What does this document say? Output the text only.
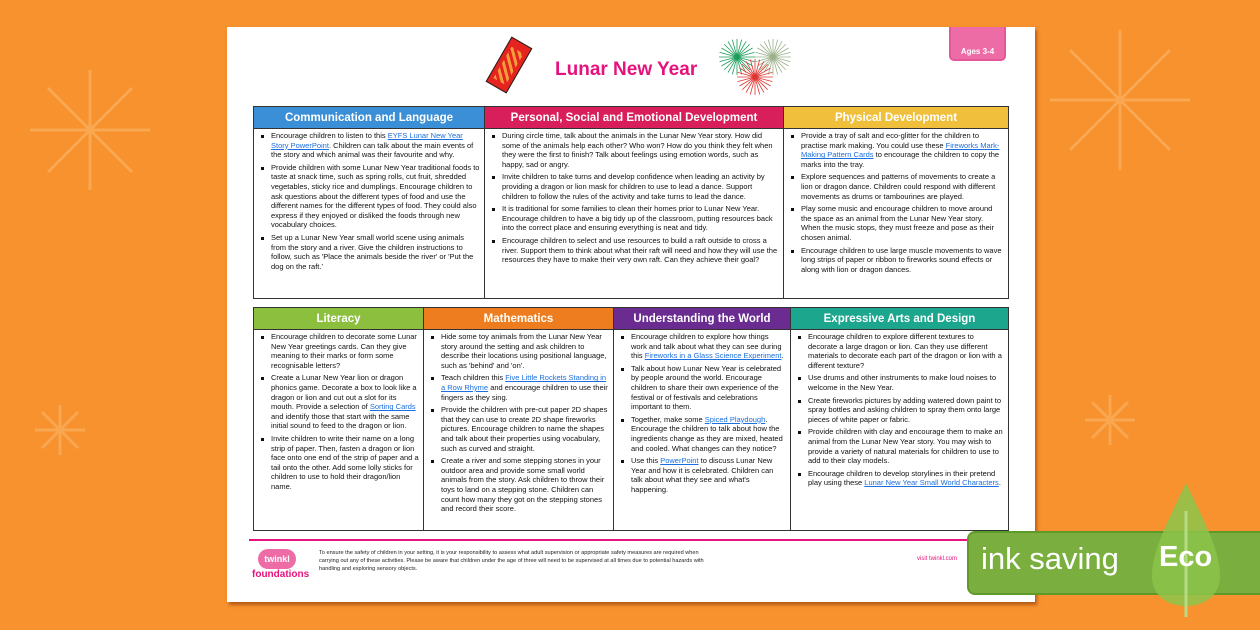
Lunar New Year
Ages 3-4
Communication and Language
Encourage children to listen to this EYFS Lunar New Year Story PowerPoint. Children can talk about the main events of the story and which animal was their favourite and why.
Provide children with some Lunar New Year traditional foods to taste at snack time, such as spring rolls, cut fruit, shredded vegetables, sticky rice and dumplings. Encourage children to ask questions about the different types of food and use the different names for the different types of food. They could also express if they enjoyed or disliked the foods through new vocabulary choices.
Set up a Lunar New Year small world scene using animals from the story and a river. Give the children instructions to follow, such as 'Place the animals beside the river' or 'Put the dog on the raft.'
Personal, Social and Emotional Development
During circle time, talk about the animals in the Lunar New Year story. How did some of the animals help each other? Who won? How do you think they felt when they were the first to finish? Talk about feelings using emotion words, such as happy, sad or angry.
Invite children to take turns and develop confidence when leading an activity by providing a dragon or lion mask for children to use to lead a dance. Support children to follow the rules of the activity and take turns to lead the dance.
It is traditional for some families to clean their homes prior to Lunar New Year. Encourage children to have a big tidy up of the classroom, putting resources back into the correct place and ensuring everything is neat and tidy.
Encourage children to select and use resources to build a raft outside to cross a river. Support them to think about what their raft will need and how they will use the resources they have to make their very own raft. Can they achieve their goal?
Physical Development
Provide a tray of salt and eco-glitter for the children to practise mark making. You could use these Fireworks Mark-Making Pattern Cards to encourage the children to copy the marks into the tray.
Explore sequences and patterns of movements to create a lion or dragon dance. Children could respond with different movements as drums or tambourines are played.
Play some music and encourage children to move around the space as an animal from the Lunar New Year story. When the music stops, they must freeze and pose as their chosen animal.
Encourage children to use large muscle movements to wave long strips of paper or ribbon to fireworks sound effects or along with lion or dragon dances.
Literacy
Encourage children to decorate some Lunar New Year greetings cards. Can they give meaning to their marks or form some recognisable letters?
Create a Lunar New Year lion or dragon phonics game. Decorate a box to look like a dragon or lion and cut out a slot for its mouth. Provide a selection of Sorting Cards and identify those that start with the same initial sound to feed to the dragon or lion.
Invite children to write their name on a long strip of paper. Then, fasten a dragon or lion face onto one end of the strip of paper and a tail onto the other. Add some lolly sticks for children to use to hold their dragon/lion name.
Mathematics
Hide some toy animals from the Lunar New Year story around the setting and ask children to describe their locations using positional language, such as 'behind' and 'on'.
Teach children this Five Little Rockets Standing in a Row Rhyme and encourage children to use their fingers as they sing.
Provide the children with pre-cut paper 2D shapes that they can use to create 2D shape fireworks pictures. Encourage children to name the shapes and talk about their properties using vocabulary, such as curved and straight.
Create a river and some stepping stones in your outdoor area and provide some small world animals from the story. Ask children to throw their toys to land on a stepping stone. Children can count how many they got on the stepping stones and record their score.
Understanding the World
Encourage children to explore how things work and talk about what they can see during this Fireworks in a Glass Science Experiment.
Talk about how Lunar New Year is celebrated by people around the world. Encourage children to share their own experience of the festival or of festivals and celebrations important to them.
Together, make some Spiced Playdough. Encourage the children to talk about how the ingredients change as they are mixed, heated and cooled. What changes can they notice?
Use this PowerPoint to discuss Lunar New Year and how it is celebrated. Children can talk about what they see and what's happening.
Expressive Arts and Design
Encourage children to explore different textures to decorate a large dragon or lion. Can they use different materials to decorate each part of the dragon or lion with a different texture?
Use drums and other instruments to make loud noises to welcome in the New Year.
Create fireworks pictures by adding watered down paint to spray bottles and asking children to spray them onto large pieces of white paper or fabric.
Provide children with clay and encourage them to make an animal from the Lunar New Year story. You may wish to provide a variety of natural materials for children to use to add to their clay models.
Encourage children to develop storylines in their pretend play using these Lunar New Year Small World Characters.
twinkl
foundations
To ensure the safety of children in your setting, it is your responsibility to assess what adult supervision or appropriate safety measures are required when carrying out any of these activities. Please be aware that children under the age of three will need to be supervised at all times due to potential hazards with handling and exploring sensory objects.
visit twinkl.com ink saving Eco
